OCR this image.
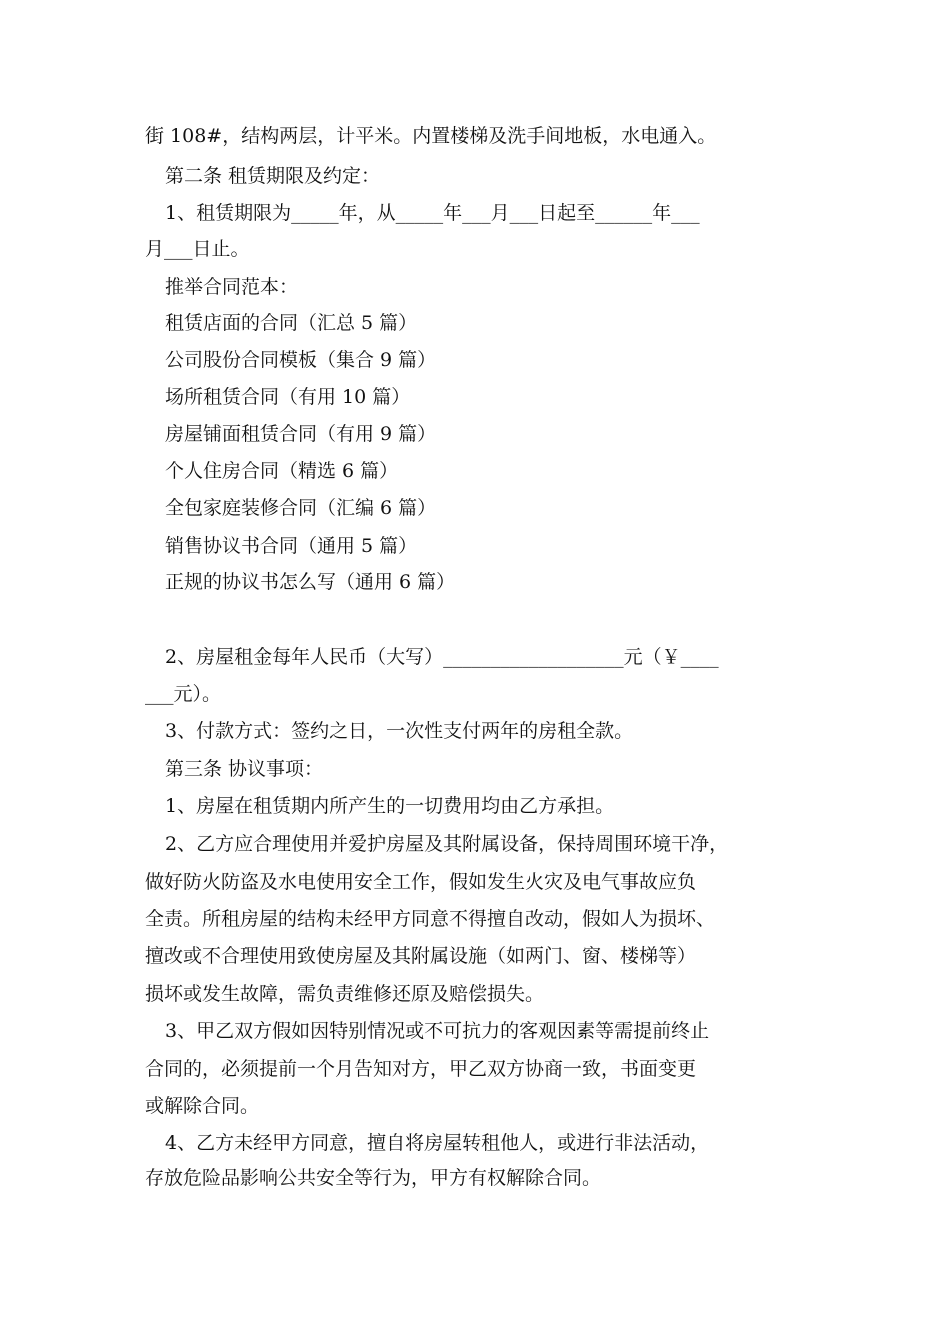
街 108#，结构两层，计平米。内置楼梯及洗手间地板，水电通入。
第二条 租赁期限及约定：
1、租赁期限为_____年，从_____年___月___日起至______年___
月___日止。
推举合同范本：
租赁店面的合同（汇总 5 篇）
公司股份合同模板（集合 9 篇）
场所租赁合同（有用 10 篇）
房屋铺面租赁合同（有用 9 篇）
个人住房合同（精选 6 篇）
全包家庭装修合同（汇编 6 篇）
销售协议书合同（通用 5 篇）
正规的协议书怎么写（通用 6 篇）
2、房屋租金每年人民币（大写）___________________元（￥____
___元）。
3、付款方式：签约之日，一次性支付两年的房租全款。
第三条 协议事项：
1、房屋在租赁期内所产生的一切费用均由乙方承担。
2、乙方应合理使用并爱护房屋及其附属设备，保持周围环境干净，
做好防火防盗及水电使用安全工作，假如发生火灾及电气事故应负
全责。所租房屋的结构未经甲方同意不得擅自改动，假如人为损坏、
擅改或不合理使用致使房屋及其附属设施（如两门、窗、楼梯等）
损坏或发生故障，需负责维修还原及赔偿损失。
3、甲乙双方假如因特别情况或不可抗力的客观因素等需提前终止
合同的，必须提前一个月告知对方，甲乙双方协商一致，书面变更
或解除合同。
4、乙方未经甲方同意，擅自将房屋转租他人，或进行非法活动，
存放危险品影响公共安全等行为，甲方有权解除合同。
